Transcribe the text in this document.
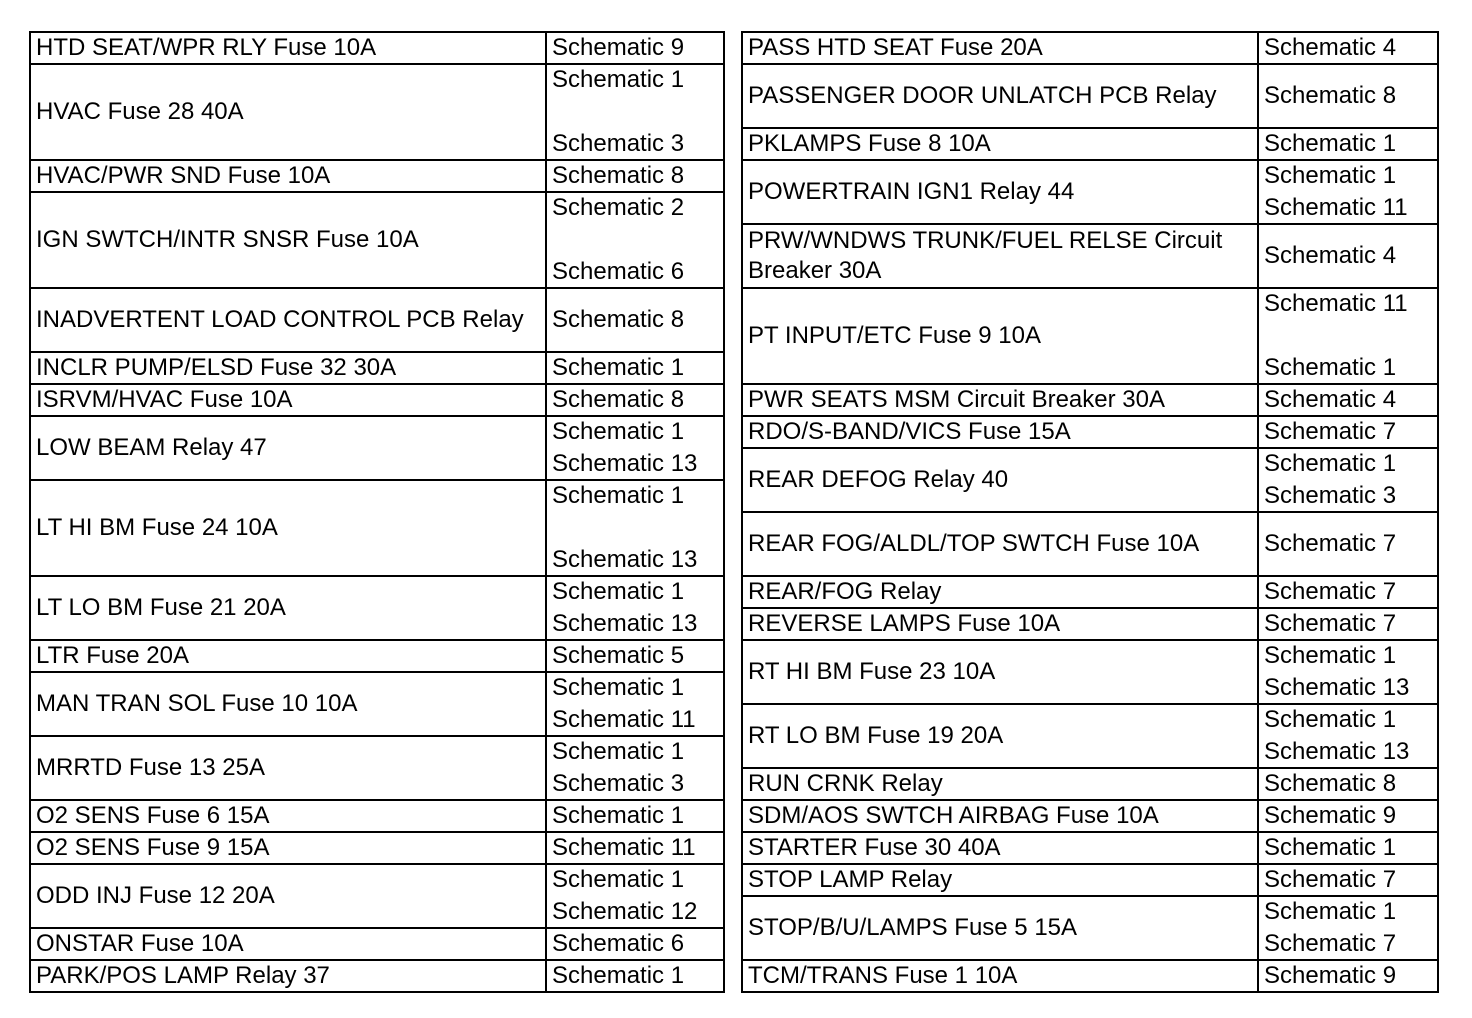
HTD SEAT/WPR RLY Fuse 10A	Schematic 9

HVAC Fuse 28 40A	Schematic 1
Schematic 3

HVAC/PWR SND Fuse 10A	Schematic 8

IGN SWTCH/INTR SNSR Fuse 10A	Schematic 2
Schematic 6

INADVERTENT LOAD CONTROL PCB Relay	Schematic 8

INCLR PUMP/ELSD Fuse 32 30A	Schematic 1

ISRVM/HVAC Fuse 10A	Schematic 8

LOW BEAM Relay 47	Schematic 1
Schematic 13

LT HI BM Fuse 24 10A	Schematic 1
Schematic 13

LT LO BM Fuse 21 20A	Schematic 1
Schematic 13

LTR Fuse 20A	Schematic 5

MAN TRAN SOL Fuse 10 10A	Schematic 1
Schematic 11

MRRTD Fuse 13 25A	Schematic 1
Schematic 3

O2 SENS Fuse 6 15A	Schematic 1

O2 SENS Fuse 9 15A	Schematic 11

ODD INJ Fuse 12 20A	Schematic 1
Schematic 12

ONSTAR Fuse 10A	Schematic 6

PARK/POS LAMP Relay 37	Schematic 1
PASS HTD SEAT Fuse 20A	Schematic 4

PASSENGER DOOR UNLATCH PCB Relay	Schematic 8

PKLAMPS Fuse 8 10A	Schematic 1

POWERTRAIN IGN1 Relay 44	Schematic 1
Schematic 11

PRW/WNDWS TRUNK/FUEL RELSE Circuit Breaker 30A	Schematic 4

PT INPUT/ETC Fuse 9 10A	Schematic 11
Schematic 1

PWR SEATS MSM Circuit Breaker 30A	Schematic 4

RDO/S-BAND/VICS Fuse 15A	Schematic 7

REAR DEFOG Relay 40	Schematic 1
Schematic 3

REAR FOG/ALDL/TOP SWTCH Fuse 10A	Schematic 7

REAR/FOG Relay	Schematic 7

REVERSE LAMPS Fuse 10A	Schematic 7

RT HI BM Fuse 23 10A	Schematic 1
Schematic 13

RT LO BM Fuse 19 20A	Schematic 1
Schematic 13

RUN CRNK Relay	Schematic 8

SDM/AOS SWTCH AIRBAG Fuse 10A	Schematic 9

STARTER Fuse 30 40A	Schematic 1

STOP LAMP Relay	Schematic 7

STOP/B/U/LAMPS Fuse 5 15A	Schematic 1
Schematic 7

TCM/TRANS Fuse 1 10A	Schematic 9
